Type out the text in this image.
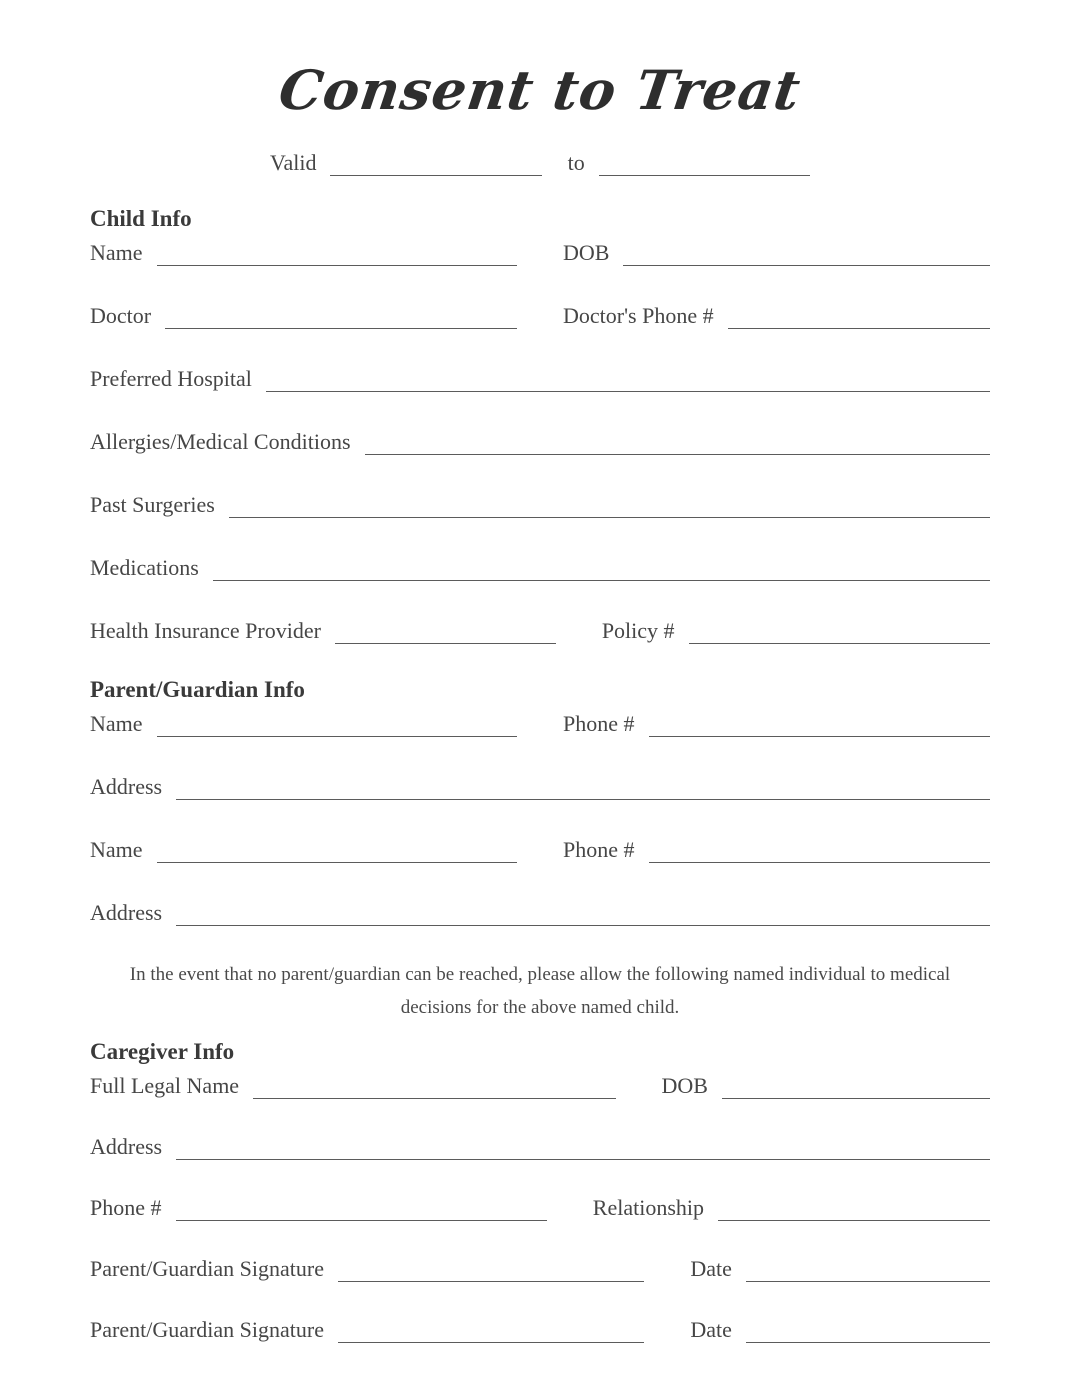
Consent to Treat
Valid	to
Child Info
Name	DOB
Doctor	Doctor's Phone #
Preferred Hospital
Allergies/Medical Conditions
Past Surgeries
Medications
Health Insurance Provider	Policy #
Parent/Guardian Info
Name	Phone #
Address
Name	Phone #
Address

In the event that no parent/guardian can be reached, please allow the following named individual to medical decisions for the above named child.

Caregiver Info
Full Legal Name	DOB
Address
Phone #	Relationship
Parent/Guardian Signature	Date
Parent/Guardian Signature	Date
